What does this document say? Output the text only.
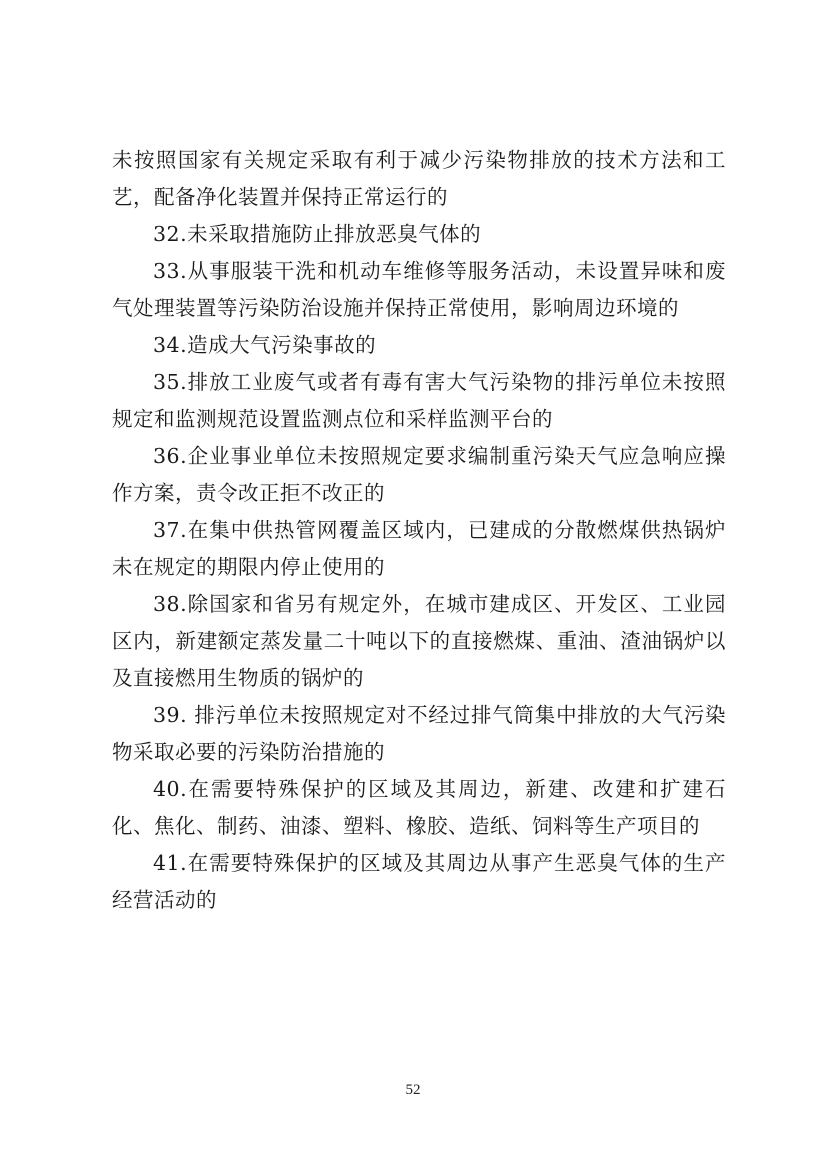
未按照国家有关规定采取有利于减少污染物排放的技术方法和工艺，配备净化装置并保持正常运行的

32.未采取措施防止排放恶臭气体的

33.从事服装干洗和机动车维修等服务活动，未设置异味和废气处理装置等污染防治设施并保持正常使用，影响周边环境的

34.造成大气污染事故的

35.排放工业废气或者有毒有害大气污染物的排污单位未按照规定和监测规范设置监测点位和采样监测平台的

36.企业事业单位未按照规定要求编制重污染天气应急响应操作方案，责令改正拒不改正的

37.在集中供热管网覆盖区域内，已建成的分散燃煤供热锅炉未在规定的期限内停止使用的

38.除国家和省另有规定外，在城市建成区、开发区、工业园区内，新建额定蒸发量二十吨以下的直接燃煤、重油、渣油锅炉以及直接燃用生物质的锅炉的

39. 排污单位未按照规定对不经过排气筒集中排放的大气污染物采取必要的污染防治措施的

40.在需要特殊保护的区域及其周边，新建、改建和扩建石化、焦化、制药、油漆、塑料、橡胶、造纸、饲料等生产项目的

41.在需要特殊保护的区域及其周边从事产生恶臭气体的生产经营活动的

52
